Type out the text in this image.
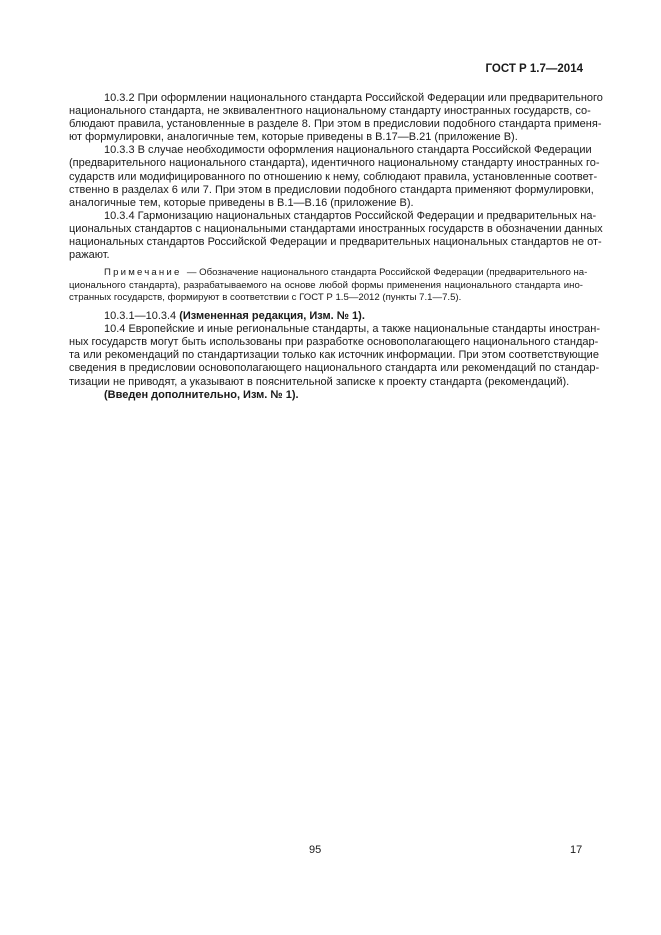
ГОСТ Р 1.7—2014
10.3.2 При оформлении национального стандарта Российской Федерации или предварительного
национального стандарта, не эквивалентного национальному стандарту иностранных государств, со-
блюдают правила, установленные в разделе 8. При этом в предисловии подобного стандарта применя-
ют формулировки, аналогичные тем, которые приведены в В.17—В.21 (приложение В).
10.3.3 В случае необходимости оформления национального стандарта Российской Федерации
(предварительного национального стандарта), идентичного национальному стандарту иностранных го-
сударств или модифицированного по отношению к нему, соблюдают правила, установленные соответ-
ственно в разделах 6 или 7. При этом в предисловии подобного стандарта применяют формулировки,
аналогичные тем, которые приведены в В.1—В.16 (приложение В).
10.3.4 Гармонизацию национальных стандартов Российской Федерации и предварительных на-
циональных стандартов с национальными стандартами иностранных государств в обозначении данных
национальных стандартов Российской Федерации и предварительных национальных стандартов не от-
ражают.
Примечание — Обозначение национального стандарта Российской Федерации (предварительного на-
ционального стандарта), разрабатываемого на основе любой формы применения национального стандарта ино-
странных государств, формируют в соответствии с ГОСТ Р 1.5—2012 (пункты 7.1—7.5).
10.3.1—10.3.4 (Измененная редакция, Изм. № 1).
10.4 Европейские и иные региональные стандарты, а также национальные стандарты иностран-
ных государств могут быть использованы при разработке основополагающего национального стандар-
та или рекомендаций по стандартизации только как источник информации. При этом соответствующие
сведения в предисловии основополагающего национального стандарта или рекомендаций по стандар-
тизации не приводят, а указывают в пояснительной записке к проекту стандарта (рекомендаций).
(Введен дополнительно, Изм. № 1).
95	17
